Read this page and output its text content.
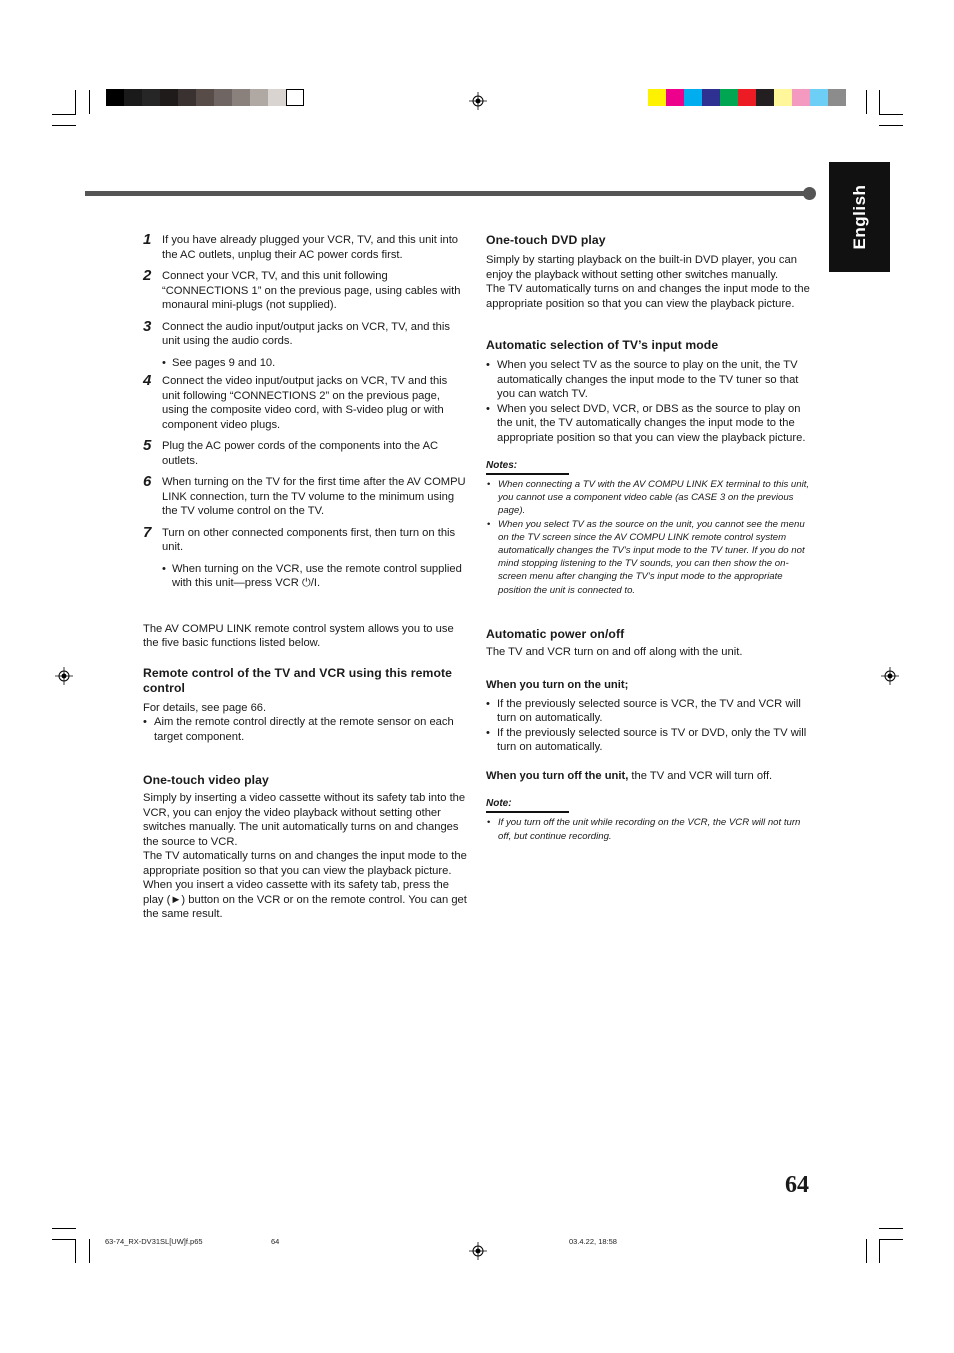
English
1 If you have already plugged your VCR, TV, and this unit into the AC outlets, unplug their AC power cords first.
2 Connect your VCR, TV, and this unit following “CONNECTIONS 1” on the previous page, using cables with monaural mini-plugs (not supplied).
3 Connect the audio input/output jacks on VCR, TV, and this unit using the audio cords.
• See pages 9 and 10.
4 Connect the video input/output jacks on VCR, TV and this unit following “CONNECTIONS 2” on the previous page, using the composite video cord, with S-video plug or with component video plugs.
5 Plug the AC power cords of the components into the AC outlets.
6 When turning on the TV for the first time after the AV COMPU LINK connection, turn the TV volume to the minimum using the TV volume control on the TV.
7 Turn on other connected components first, then turn on this unit.
• When turning on the VCR, use the remote control supplied with this unit—press VCR ⏻/I.
The AV COMPU LINK remote control system allows you to use the five basic functions listed below.
Remote control of the TV and VCR using this remote control
For details, see page 66.
• Aim the remote control directly at the remote sensor on each target component.
One-touch video play
Simply by inserting a video cassette without its safety tab into the VCR, you can enjoy the video playback without setting other switches manually. The unit automatically turns on and changes the source to VCR.
The TV automatically turns on and changes the input mode to the appropriate position so that you can view the playback picture.
When you insert a video cassette with its safety tab, press the play (►) button on the VCR or on the remote control. You can get the same result.
One-touch DVD play
Simply by starting playback on the built-in DVD player, you can enjoy the playback without setting other switches manually.
The TV automatically turns on and changes the input mode to the appropriate position so that you can view the playback picture.
Automatic selection of TV’s input mode
• When you select TV as the source to play on the unit, the TV automatically changes the input mode to the TV tuner so that you can watch TV.
• When you select DVD, VCR, or DBS as the source to play on the unit, the TV automatically changes the input mode to the appropriate position so that you can view the playback picture.
Notes:
• When connecting a TV with the AV COMPU LINK EX terminal to this unit, you cannot use a component video cable (as CASE 3 on the previous page).
• When you select TV as the source on the unit, you cannot see the menu on the TV screen since the AV COMPU LINK remote control system automatically changes the TV’s input mode to the TV tuner. If you do not mind stopping listening to the TV sounds, you can then show the on-screen menu after changing the TV’s input mode to the appropriate position the unit is connected to.
Automatic power on/off
The TV and VCR turn on and off along with the unit.
When you turn on the unit;
• If the previously selected source is VCR, the TV and VCR will turn on automatically.
• If the previously selected source is TV or DVD, only the TV will turn on automatically.
When you turn off the unit, the TV and VCR will turn off.
Note:
• If you turn off the unit while recording on the VCR, the VCR will not turn off, but continue recording.
64
63-74_RX-DV31SL[UW]f.p65	64	03.4.22, 18:58
